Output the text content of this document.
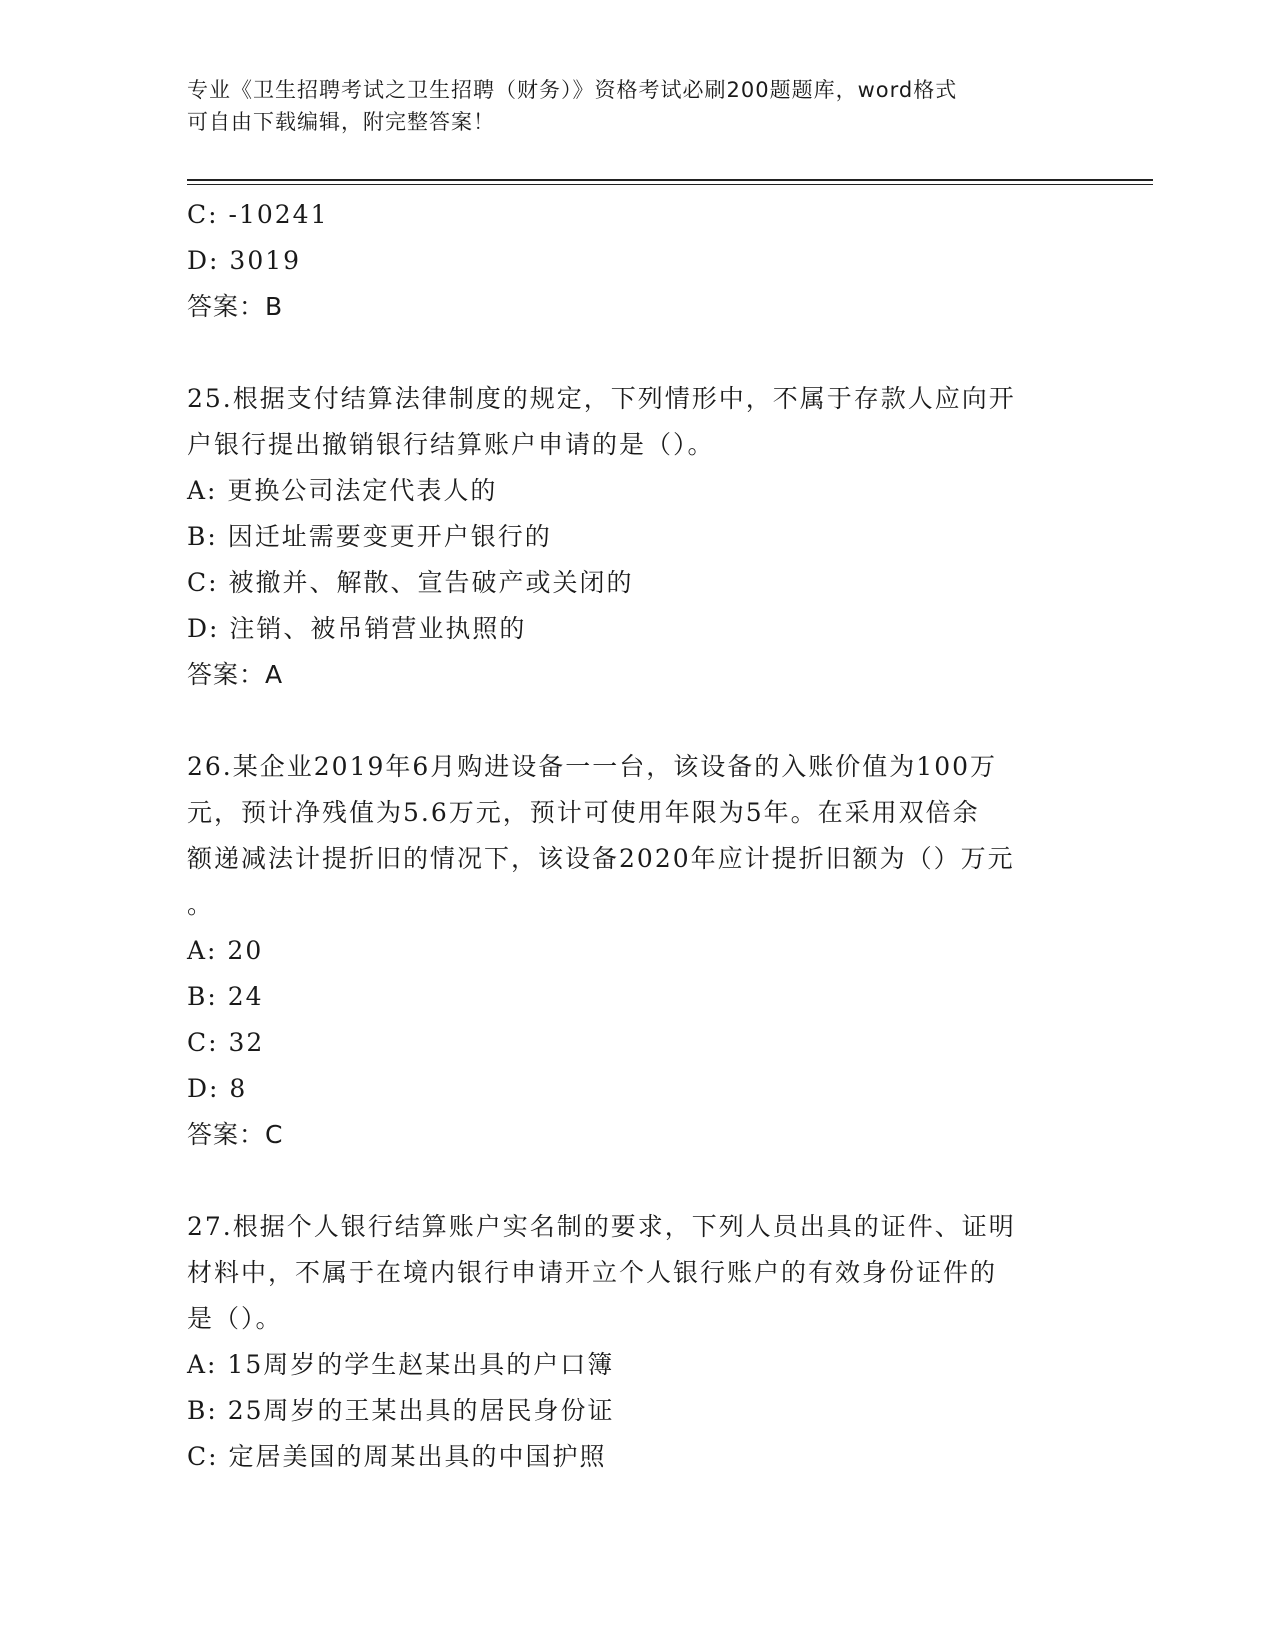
专业《卫生招聘考试之卫生招聘（财务）》资格考试必刷200题题库，word格式
可自由下载编辑，附完整答案！

C: -10241

D: 3019

答案：B

25.根据支付结算法律制度的规定，下列情形中，不属于存款人应向开

户银行提出撤销银行结算账户申请的是（）。

A: 更换公司法定代表人的

B: 因迁址需要变更开户银行的

C: 被撤并、解散、宣告破产或关闭的

D: 注销、被吊销营业执照的

答案：A

26.某企业2019年6月购进设备一一台，该设备的入账价值为100万

元，预计净残值为5.6万元，预计可使用年限为5年。在采用双倍余

额递减法计提折旧的情况下，该设备2020年应计提折旧额为（）万元

。

A: 20

B: 24

C: 32

D: 8

答案：C

27.根据个人银行结算账户实名制的要求，下列人员出具的证件、证明

材料中，不属于在境内银行申请开立个人银行账户的有效身份证件的

是（）。

A: 15周岁的学生赵某出具的户口簿

B: 25周岁的王某出具的居民身份证

C: 定居美国的周某出具的中国护照
